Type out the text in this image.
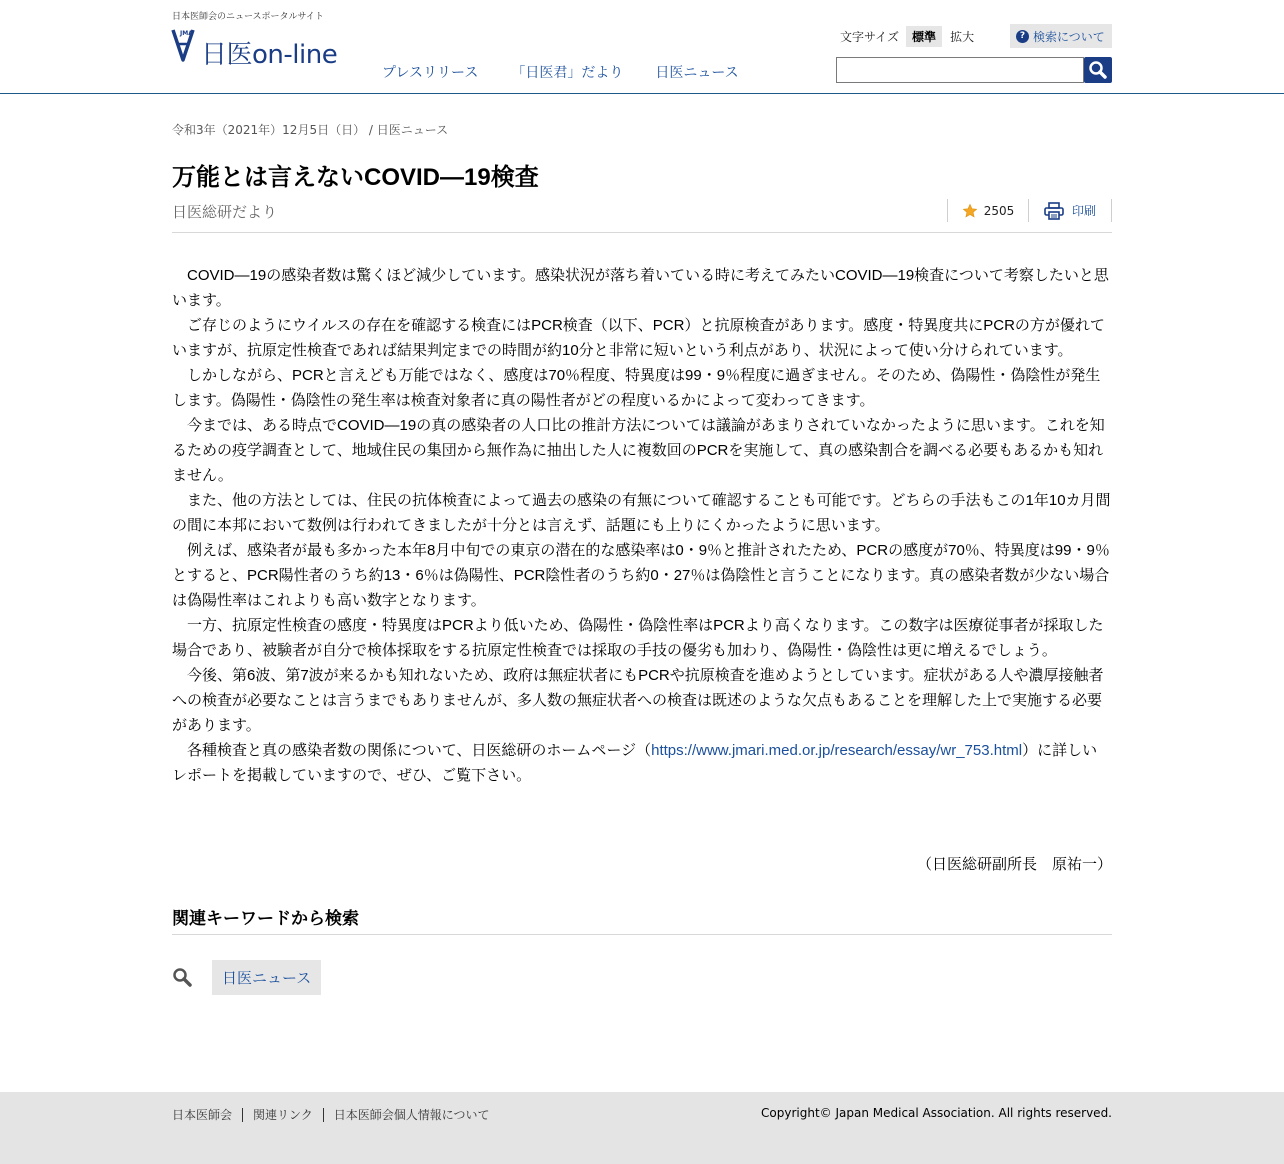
日本医師会のニュースポータルサイト
JMA
日医on-line
プレスリリース 「日医君」だより 日医ニュース
文字サイズ	標準	拡大	? 検索について
令和3年（2021年）12月5日（日） / 日医ニュース
万能とは言えないCOVID―19検査
日医総研だより	2505	印刷

COVID―19の感染者数は驚くほど減少しています。感染状況が落ち着いている時に考えてみたいCOVID―19検査について考察したいと思います。

ご存じのようにウイルスの存在を確認する検査にはPCR検査（以下、PCR）と抗原検査があります。感度・特異度共にPCRの方が優れていますが、抗原定性検査であれば結果判定までの時間が約10分と非常に短いという利点があり、状況によって使い分けられています。

しかしながら、PCRと言えども万能ではなく、感度は70％程度、特異度は99・9％程度に過ぎません。そのため、偽陽性・偽陰性が発生します。偽陽性・偽陰性の発生率は検査対象者に真の陽性者がどの程度いるかによって変わってきます。

今までは、ある時点でCOVID―19の真の感染者の人口比の推計方法については議論があまりされていなかったように思います。これを知るための疫学調査として、地域住民の集団から無作為に抽出した人に複数回のPCRを実施して、真の感染割合を調べる必要もあるかも知れません。

また、他の方法としては、住民の抗体検査によって過去の感染の有無について確認することも可能です。どちらの手法もこの1年10カ月間の間に本邦において数例は行われてきましたが十分とは言えず、話題にも上りにくかったように思います。

例えば、感染者が最も多かった本年8月中旬での東京の潜在的な感染率は0・9％と推計されたため、PCRの感度が70％、特異度は99・9％とすると、PCR陽性者のうち約13・6％は偽陽性、PCR陰性者のうち約0・27％は偽陰性と言うことになります。真の感染者数が少ない場合は偽陽性率はこれよりも高い数字となります。

一方、抗原定性検査の感度・特異度はPCRより低いため、偽陽性・偽陰性率はPCRより高くなります。この数字は医療従事者が採取した場合であり、被験者が自分で検体採取をする抗原定性検査では採取の手技の優劣も加わり、偽陽性・偽陰性は更に増えるでしょう。

今後、第6波、第7波が来るかも知れないため、政府は無症状者にもPCRや抗原検査を進めようとしています。症状がある人や濃厚接触者への検査が必要なことは言うまでもありませんが、多人数の無症状者への検査は既述のような欠点もあることを理解した上で実施する必要があります。

各種検査と真の感染者数の関係について、日医総研のホームページ（https://www.jmari.med.or.jp/research/essay/wr_753.html）に詳しいレポートを掲載していますので、ぜひ、ご覧下さい。

（日医総研副所長　原祐一）
関連キーワードから検索
日医ニュース
日本医師会 関連リンク 日本医師会個人情報について	Copyright© Japan Medical Association. All rights reserved.
